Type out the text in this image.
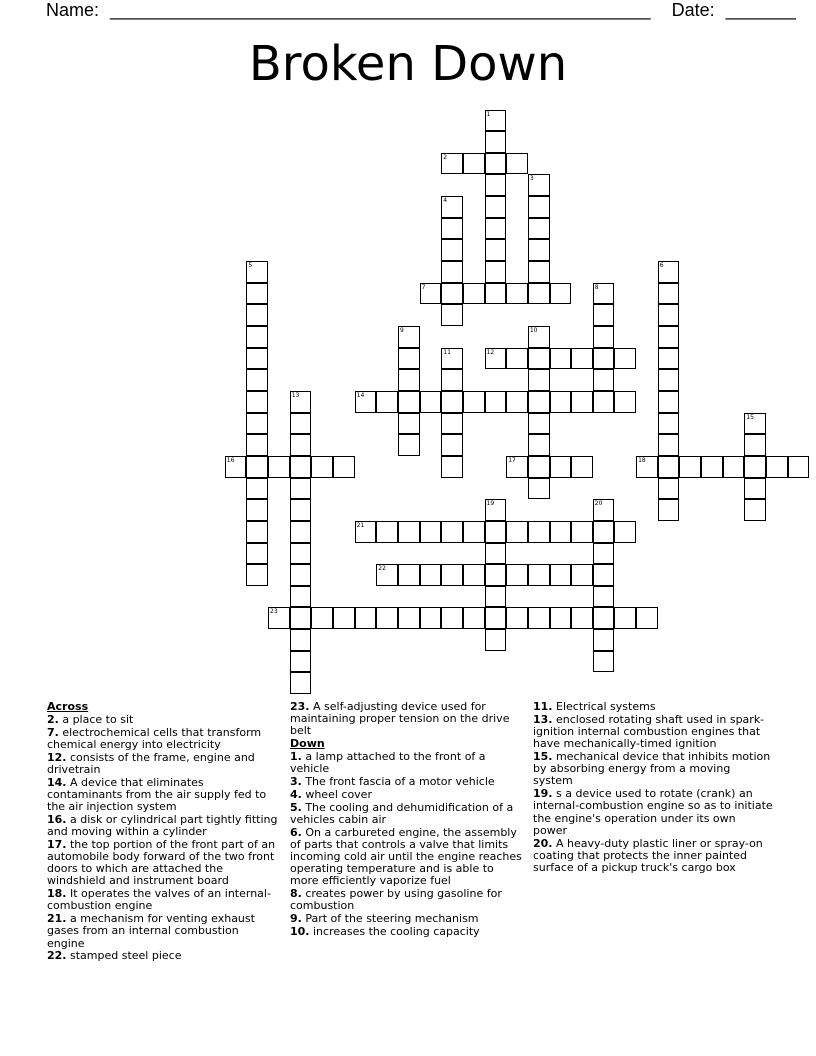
Name: ______________________________________________________ Date: _______
Broken Down
1
2
3
4
5	6
7	8
9	10
11	12
13	14
15
16	17	18
19	20
21
22
23
Across
2. a place to sit
7. electrochemical cells that transform chemical energy into electricity
12. consists of the frame, engine and drivetrain
14. A device that eliminates contaminants from the air supply fed to the air injection system
16. a disk or cylindrical part tightly fitting and moving within a cylinder
17. the top portion of the front part of an automobile body forward of the two front doors to which are attached the windshield and instrument board
18. It operates the valves of an internal-combustion engine
21. a mechanism for venting exhaust gases from an internal combustion engine
22. stamped steel piece
23. A self-adjusting device used for maintaining proper tension on the drive belt
Down
1. a lamp attached to the front of a vehicle
3. The front fascia of a motor vehicle
4. wheel cover
5. The cooling and dehumidification of a vehicles cabin air
6. On a carbureted engine, the assembly of parts that controls a valve that limits incoming cold air until the engine reaches operating temperature and is able to more efficiently vaporize fuel
8. creates power by using gasoline for combustion
9. Part of the steering mechanism
10. increases the cooling capacity
11. Electrical systems
13. enclosed rotating shaft used in spark-ignition internal combustion engines that have mechanically-timed ignition
15. mechanical device that inhibits motion by absorbing energy from a moving system
19. s a device used to rotate (crank) an internal-combustion engine so as to initiate the engine's operation under its own power
20. A heavy-duty plastic liner or spray-on coating that protects the inner painted surface of a pickup truck's cargo box
